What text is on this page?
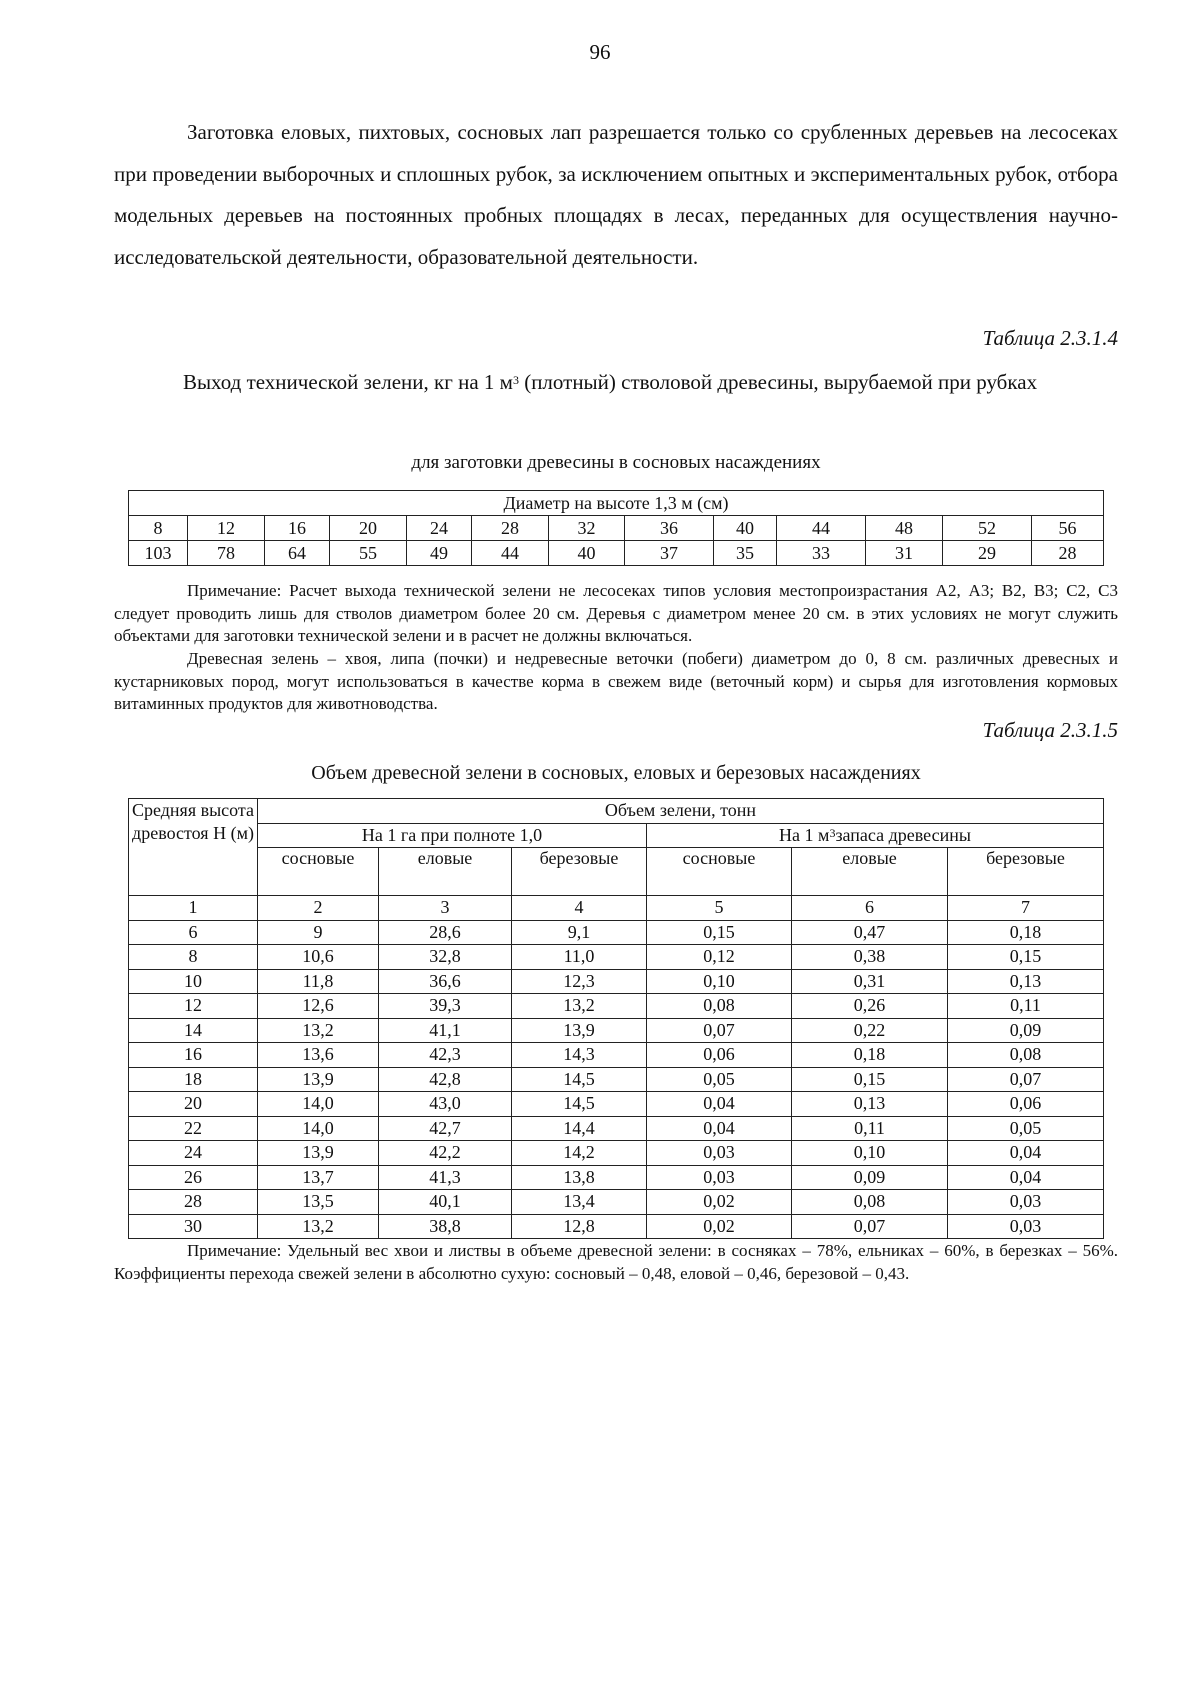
96

Заготовка еловых, пихтовых, сосновых лап разрешается только со срубленных деревьев на лесосеках при проведении выборочных и сплошных рубок, за исключением опытных и экспериментальных рубок, отбора модельных деревьев на постоянных пробных площадях в лесах, переданных для осуществления научно-исследовательской деятельности, образовательной деятельности.

Таблица 2.3.1.4

Выход технической зелени, кг на 1 $м^3$ (плотный) стволовой древесины, вырубаемой при рубках

для заготовки древесины в сосновых насаждениях
Диаметр на высоте 1,3 м (см)												
8	12	16	20	24	28	32	36	40	44	48	52	56
103	78	64	55	49	44	40	37	35	33	31	29	28

Примечание: Расчет выхода технической зелени не лесосеках типов условия местопроизрастания А2, А3; В2, В3; С2, С3 следует проводить лишь для стволов диаметром более 20 см. Деревья с диаметром менее 20 см. в этих условиях не могут служить объектами для заготовки технической зелени и в расчет не должны включаться.

Древесная зелень – хвоя, липа (почки) и недревесные веточки (побеги) диаметром до 0, 8 см. различных древесных и кустарниковых пород, могут использоваться в качестве корма в свежем виде (веточный корм) и сырья для изготовления кормовых витаминных продуктов для животноводства.

Таблица 2.3.1.5
Объем древесной зелени в сосновых, еловых и березовых насаждениях
Средняя высота древостоя Н (м)	Объем зелени, тонн					
	На 1 га при полноте 1,0			На 1 $м^3запаса$ древесины		
	сосновые	еловые	березовые	сосновые	еловые	березовые
1	2	3	4	5	6	7
6	9	28,6	9,1	0,15	0,47	0,18
8	10,6	32,8	11,0	0,12	0,38	0,15
10	11,8	36,6	12,3	0,10	0,31	0,13
12	12,6	39,3	13,2	0,08	0,26	0,11
14	13,2	41,1	13,9	0,07	0,22	0,09
16	13,6	42,3	14,3	0,06	0,18	0,08
18	13,9	42,8	14,5	0,05	0,15	0,07
20	14,0	43,0	14,5	0,04	0,13	0,06
22	14,0	42,7	14,4	0,04	0,11	0,05
24	13,9	42,2	14,2	0,03	0,10	0,04
26	13,7	41,3	13,8	0,03	0,09	0,04
28	13,5	40,1	13,4	0,02	0,08	0,03
30	13,2	38,8	12,8	0,02	0,07	0,03

Примечание: Удельный вес хвои и листвы в объеме древесной зелени: в сосняках – 78%, ельниках – 60%, в березках – 56%. Коэффициенты перехода свежей зелени в абсолютно сухую: сосновый – 0,48, еловой – 0,46, березовой – 0,43.
